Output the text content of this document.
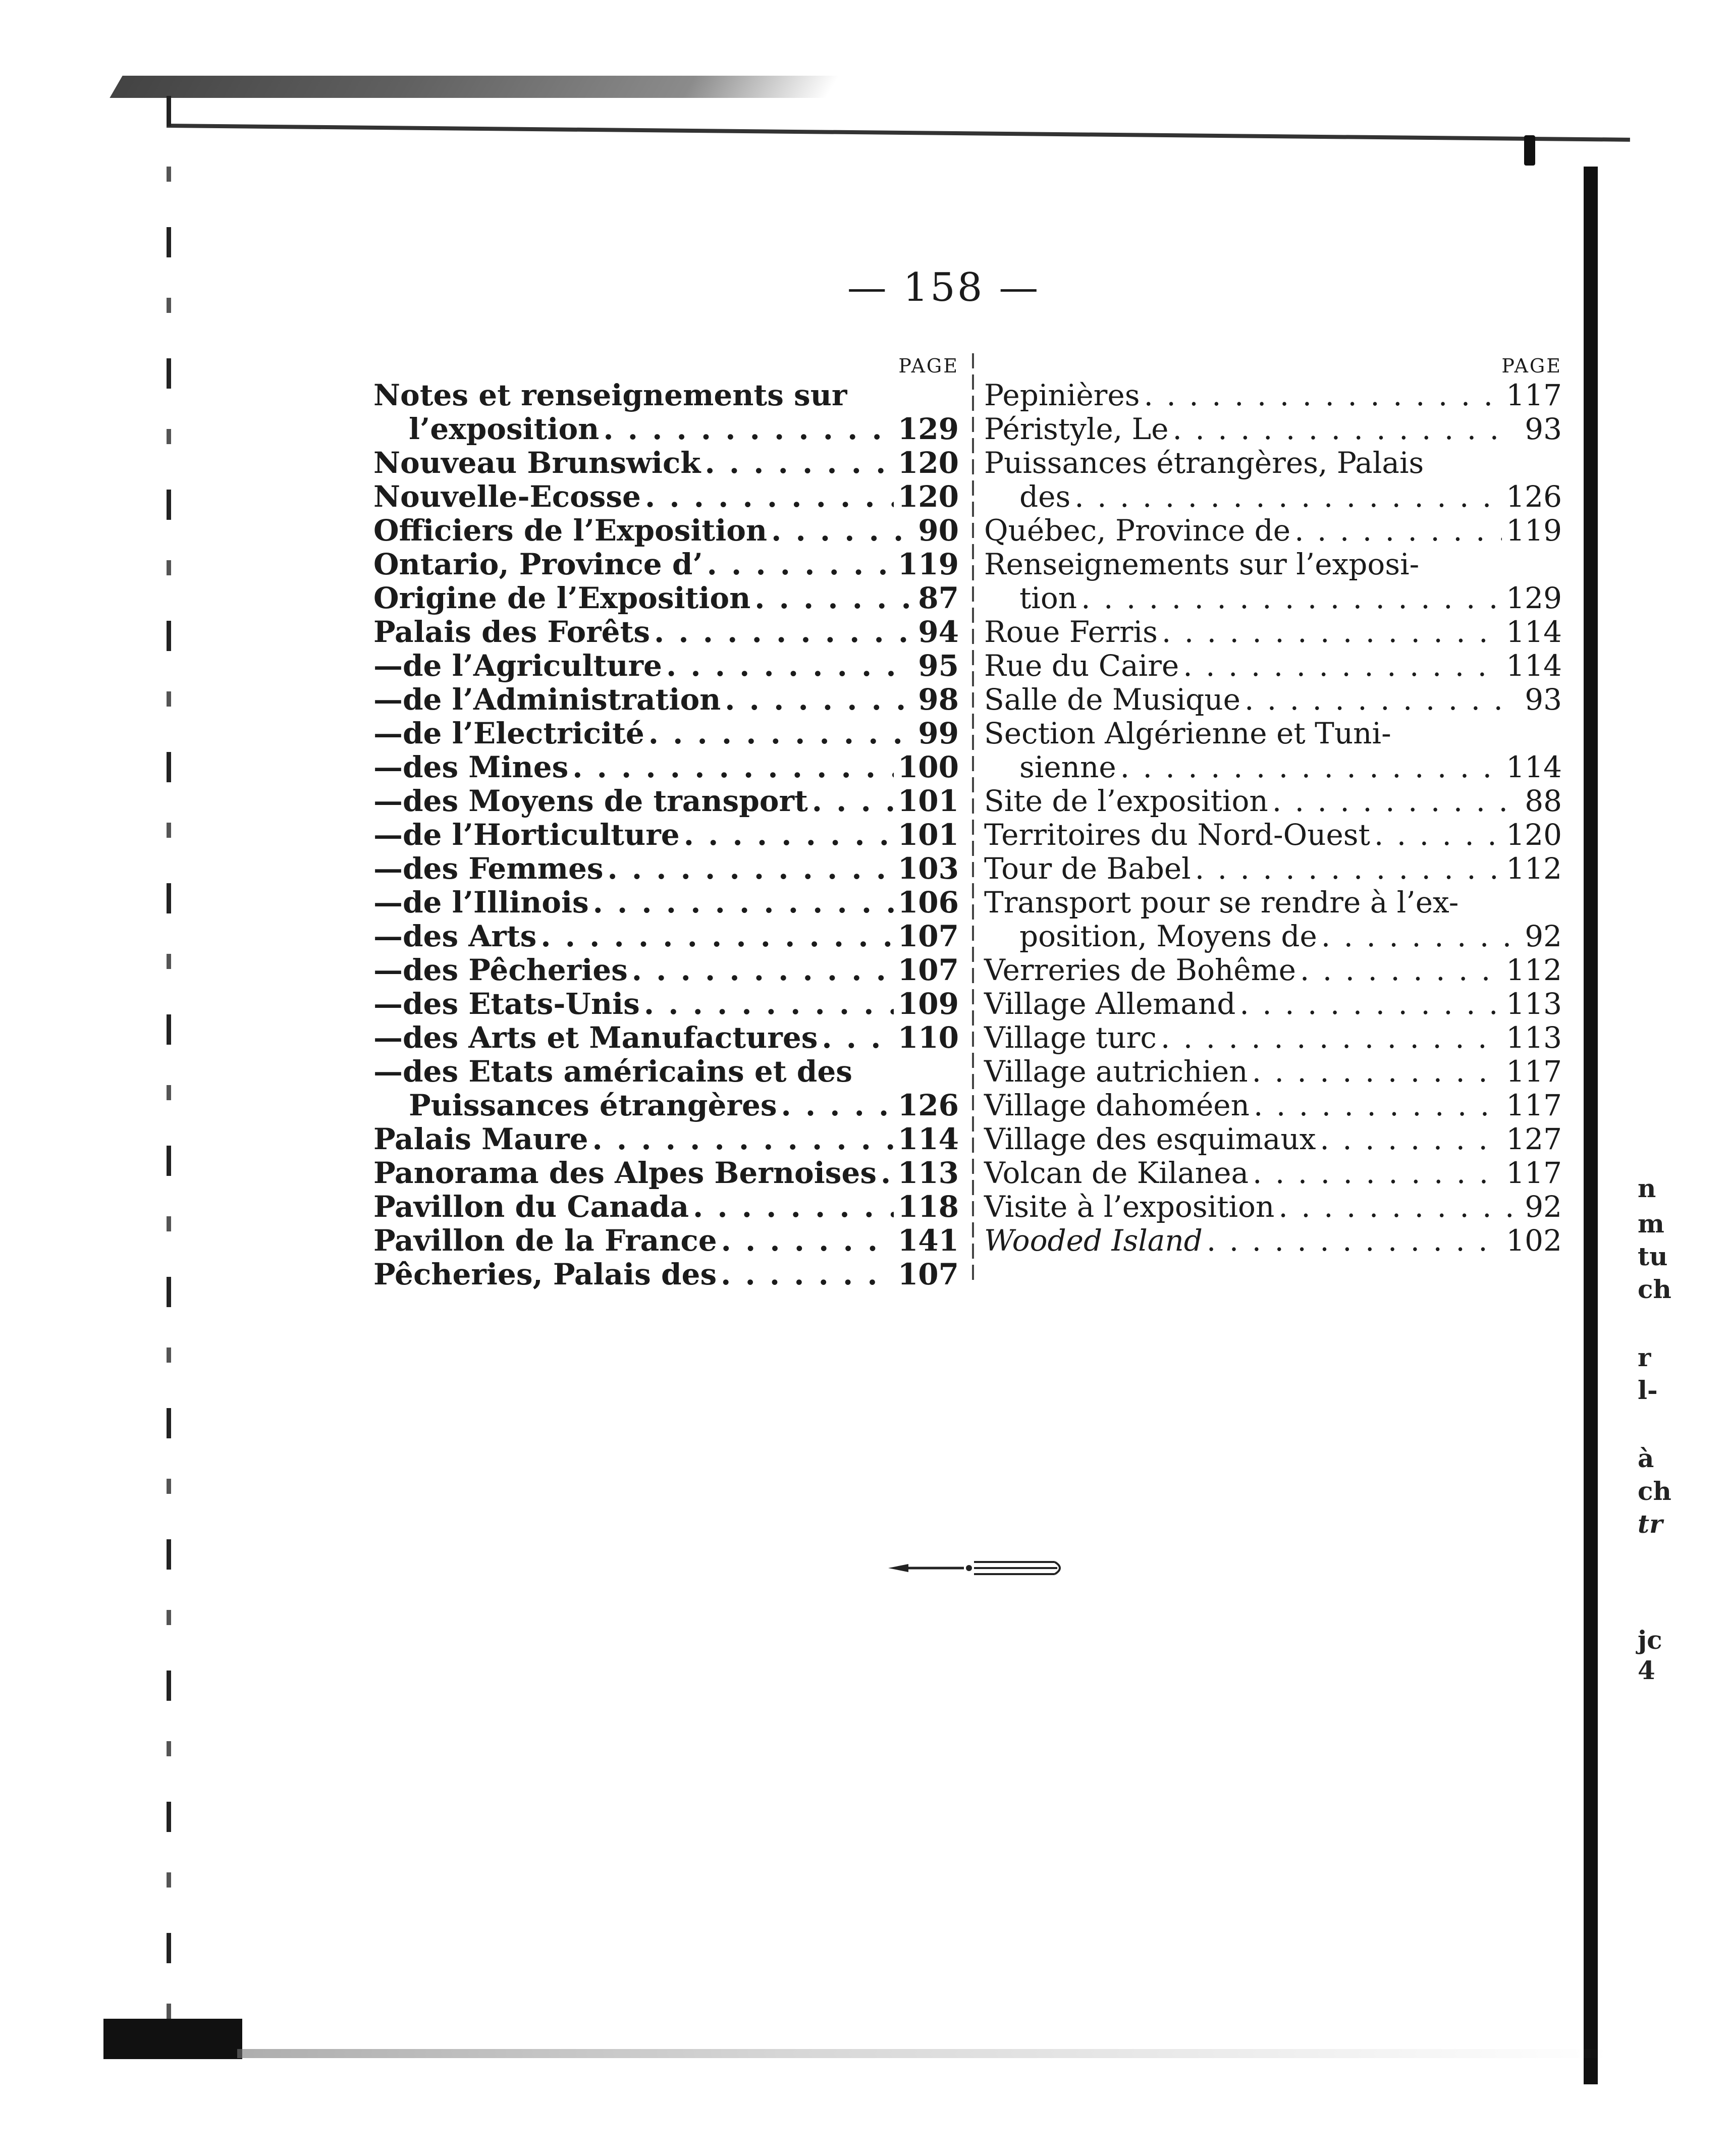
n
m
tu
ch
r
l-
à
ch
tr
jc
4
— 158 —
PAGE
Notes et renseignements sur
l’exposition . . .	129
Nouveau Brunswick . . .	120
Nouvelle-Ecosse . . .	120
Officiers de l’Exposition . . .	90
Ontario, Province d’ . . .	119
Origine de l’Exposition . . .	87
Palais des Forêts . . .	94
—de l’Agriculture . . .	95
—de l’Administration . . .	98
—de l’Electricité . . .	99
—des Mines . . .	100
—des Moyens de transport . . .	101
—de l’Horticulture . . .	101
—des Femmes . . .	103
—de l’Illinois . . .	106
—des Arts . . .	107
—des Pêcheries . . .	107
—des Etats-Unis . . .	109
—des Arts et Manufactures . . .	110
—des Etats américains et des
Puissances étrangères . . .	126
Palais Maure . . .	114
Panorama des Alpes Bernoises . . . 113
Pavillon du Canada . . .	118
Pavillon de la France . . .	141
Pêcheries, Palais des . . .	107
PAGE
Pepinières . . .	117
Péristyle, Le . . .	93
Puissances étrangères, Palais
des . . .	126
Québec, Province de . . .	119
Renseignements sur l’exposi-
tion . . .	129
Roue Ferris . . .	114
Rue du Caire . . .	114
Salle de Musique . . .	93
Section Algérienne et Tuni-
sienne . . .	114
Site de l’exposition . . .	88
Territoires du Nord-Ouest . . .	120
Tour de Babel . . .	112
Transport pour se rendre à l’ex-
position, Moyens de . . .	92
Verreries de Bohême . . .	112
Village Allemand . . .	113
Village turc . . .	113
Village autrichien . . .	117
Village dahoméen . . .	117
Village des esquimaux . . .	127
Volcan de Kilanea . . .	117
Visite à l’exposition . . .	92
Wooded Island . . .	102
